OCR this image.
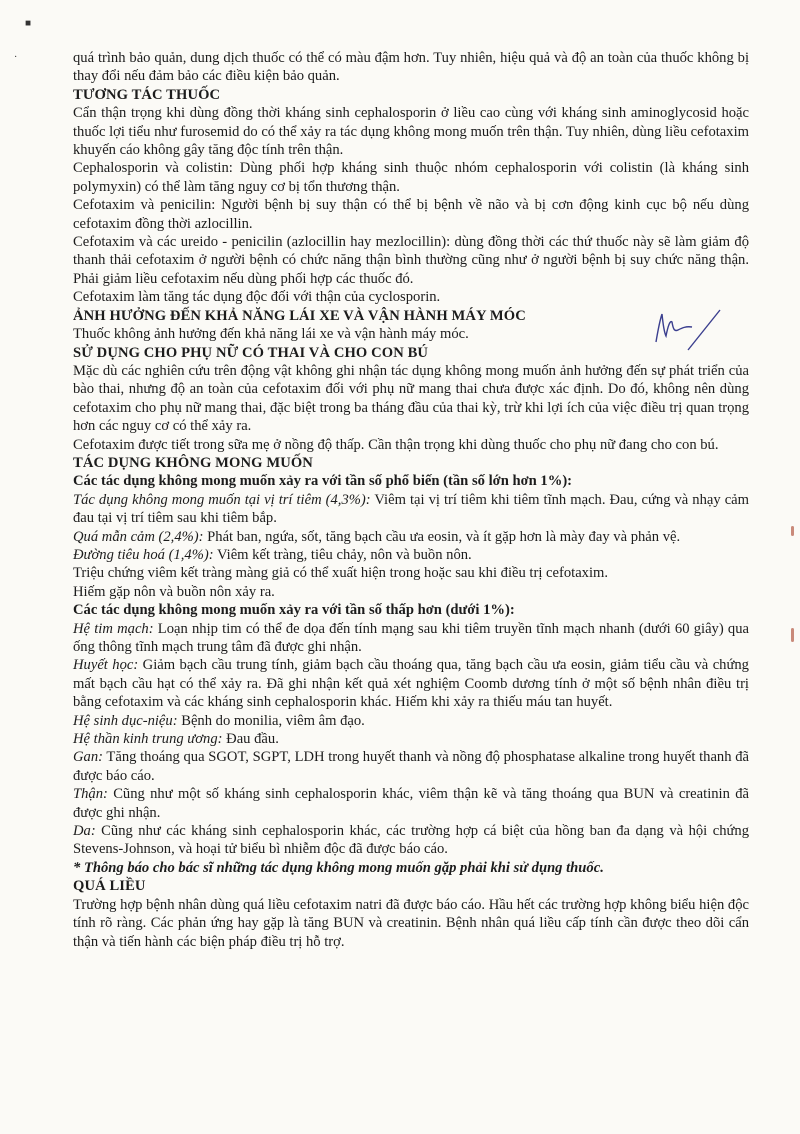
■
·	quá trình bảo quản, dung dịch thuốc có thể có màu đậm hơn. Tuy nhiên, hiệu quả và độ an toàn của thuốc không bị thay đổi nếu đảm bảo các điều kiện bảo quản.

TƯƠNG TÁC THUỐC

Cẩn thận trọng khi dùng đồng thời kháng sinh cephalosporin ở liều cao cùng với kháng sinh aminoglycosid hoặc thuốc lợi tiểu như furosemid do có thể xảy ra tác dụng không mong muốn trên thận. Tuy nhiên, dùng liều cefotaxim khuyến cáo không gây tăng độc tính trên thận.

Cephalosporin và colistin: Dùng phối hợp kháng sinh thuộc nhóm cephalosporin với colistin (là kháng sinh polymyxin) có thể làm tăng nguy cơ bị tổn thương thận.

Cefotaxim và penicilin: Người bệnh bị suy thận có thể bị bệnh về não và bị cơn động kinh cục bộ nếu dùng cefotaxim đồng thời azlocillin.

Cefotaxim và các ureido - penicilin (azlocillin hay mezlocillin): dùng đồng thời các thứ thuốc này sẽ làm giảm độ thanh thải cefotaxim ở người bệnh có chức năng thận bình thường cũng như ở người bệnh bị suy chức năng thận. Phải giảm liều cefotaxim nếu dùng phối hợp các thuốc đó.

Cefotaxim làm tăng tác dụng độc đối với thận của cyclosporin.

ẢNH HƯỞNG ĐẾN KHẢ NĂNG LÁI XE VÀ VẬN HÀNH MÁY MÓC

Thuốc không ảnh hưởng đến khả năng lái xe và vận hành máy móc.

SỬ DỤNG CHO PHỤ NỮ CÓ THAI VÀ CHO CON BÚ

Mặc dù các nghiên cứu trên động vật không ghi nhận tác dụng không mong muốn ảnh hưởng đến sự phát triển của bào thai, nhưng độ an toàn của cefotaxim đối với phụ nữ mang thai chưa được xác định. Do đó, không nên dùng cefotaxim cho phụ nữ mang thai, đặc biệt trong ba tháng đầu của thai kỳ, trừ khi lợi ích của việc điều trị quan trọng hơn các nguy cơ có thể xảy ra.

Cefotaxim được tiết trong sữa mẹ ở nồng độ thấp. Cần thận trọng khi dùng thuốc cho phụ nữ đang cho con bú.

TÁC DỤNG KHÔNG MONG MUỐN

Các tác dụng không mong muốn xảy ra với tần số phổ biến (tần số lớn hơn 1%):

Tác dụng không mong muốn tại vị trí tiêm (4,3%): Viêm tại vị trí tiêm khi tiêm tĩnh mạch. Đau, cứng và nhạy cảm đau tại vị trí tiêm sau khi tiêm bắp.

Quá mẫn cảm (2,4%): Phát ban, ngứa, sốt, tăng bạch cầu ưa eosin, và ít gặp hơn là mày đay và phản vệ.

Đường tiêu hoá (1,4%): Viêm kết tràng, tiêu chảy, nôn và buồn nôn.

Triệu chứng viêm kết tràng màng giả có thể xuất hiện trong hoặc sau khi điều trị cefotaxim.

Hiếm gặp nôn và buồn nôn xảy ra.

Các tác dụng không mong muốn xảy ra với tần số thấp hơn (dưới 1%):

Hệ tim mạch: Loạn nhịp tim có thể đe dọa đến tính mạng sau khi tiêm truyền tĩnh mạch nhanh (dưới 60 giây) qua ống thông tĩnh mạch trung tâm đã được ghi nhận.

Huyết học: Giảm bạch cầu trung tính, giảm bạch cầu thoáng qua, tăng bạch cầu ưa eosin, giảm tiểu cầu và chứng mất bạch cầu hạt có thể xảy ra. Đã ghi nhận kết quả xét nghiệm Coomb dương tính ở một số bệnh nhân điều trị bằng cefotaxim và các kháng sinh cephalosporin khác. Hiếm khi xảy ra thiếu máu tan huyết.

Hệ sinh dục-niệu: Bệnh do monilia, viêm âm đạo.

Hệ thần kinh trung ương: Đau đầu.

Gan: Tăng thoáng qua SGOT, SGPT, LDH trong huyết thanh và nồng độ phosphatase alkaline trong huyết thanh đã được báo cáo.

Thận: Cũng như một số kháng sinh cephalosporin khác, viêm thận kẽ và tăng thoáng qua BUN và creatinin đã được ghi nhận.

Da: Cũng như các kháng sinh cephalosporin khác, các trường hợp cá biệt của hồng ban đa dạng và hội chứng Stevens-Johnson, và hoại tử biểu bì nhiễm độc đã được báo cáo.

* Thông báo cho bác sĩ những tác dụng không mong muốn gặp phải khi sử dụng thuốc.

QUÁ LIỀU

Trường hợp bệnh nhân dùng quá liều cefotaxim natri đã được báo cáo. Hầu hết các trường hợp không biểu hiện độc tính rõ ràng. Các phản ứng hay gặp là tăng BUN và creatinin. Bệnh nhân quá liều cấp tính cần được theo dõi cẩn thận và tiến hành các biện pháp điều trị hỗ trợ.
